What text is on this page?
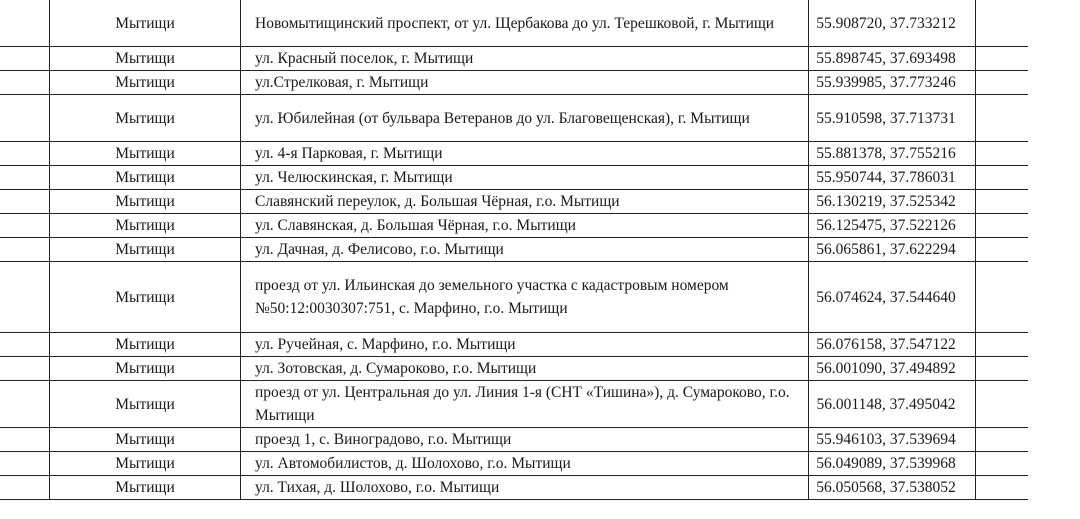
	Мытищи	Новомытищинский проспект, от ул. Щербакова до ул. Терешковой, г. Мытищи	55.908720, 37.733212	
	Мытищи	ул. Красный поселок, г. Мытищи	55.898745, 37.693498	
	Мытищи	ул.Стрелковая, г. Мытищи	55.939985, 37.773246	
	Мытищи	ул. Юбилейная (от бульвара Ветеранов до ул. Благовещенская), г. Мытищи	55.910598, 37.713731	
	Мытищи	ул. 4-я Парковая, г. Мытищи	55.881378, 37.755216	
	Мытищи	ул. Челюскинская, г. Мытищи	55.950744, 37.786031	
	Мытищи	Славянский переулок, д. Большая Чёрная, г.о. Мытищи	56.130219, 37.525342	
	Мытищи	ул. Славянская, д. Большая Чёрная, г.о. Мытищи	56.125475, 37.522126	
	Мытищи	ул. Дачная, д. Фелисово, г.о. Мытищи	56.065861, 37.622294	
	Мытищи	проезд от ул. Ильинская до земельного участка с кадастровым номером №50:12:0030307:751, с. Марфино, г.о. Мытищи	56.074624, 37.544640	
	Мытищи	ул. Ручейная, с. Марфино, г.о. Мытищи	56.076158, 37.547122	
	Мытищи	ул. Зотовская, д. Сумароково, г.о. Мытищи	56.001090, 37.494892	
	Мытищи	проезд от ул. Центральная до ул. Линия 1-я (СНТ «Тишина»), д. Сумароково, г.о. Мытищи	56.001148, 37.495042	
	Мытищи	проезд 1, с. Виноградово, г.о. Мытищи	55.946103, 37.539694	
	Мытищи	ул. Автомобилистов, д. Шолохово, г.о. Мытищи	56.049089, 37.539968	
	Мытищи	ул. Тихая, д. Шолохово, г.о. Мытищи	56.050568, 37.538052	
